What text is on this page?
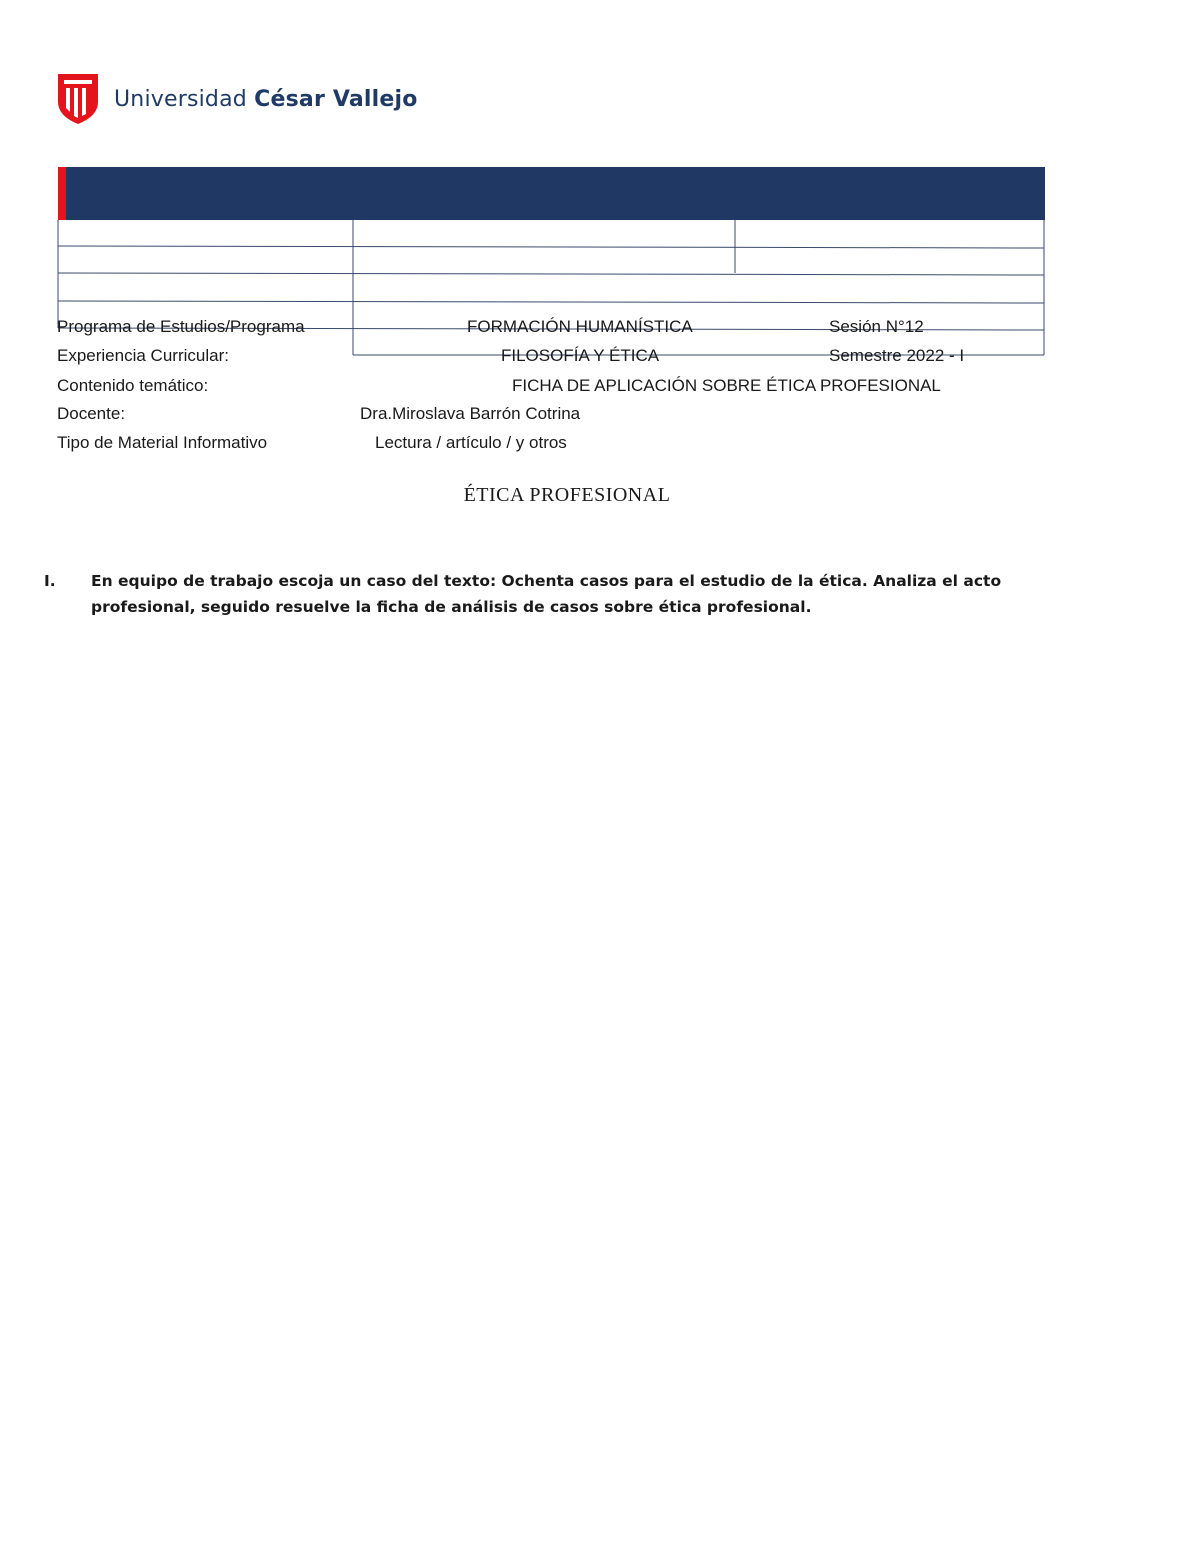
Universidad César Vallejo
Programa de Estudios/Programa	FORMACIÓN HUMANÍSTICA	Sesión N°12
Experiencia Curricular:	FILOSOFÍA Y ÉTICA	Semestre 2022 - I
Contenido temático:	FICHA DE APLICACIÓN SOBRE ÉTICA PROFESIONAL
Docente:	Dra.Miroslava Barrón Cotrina
Tipo de Material Informativo	Lectura / artículo / y otros
ÉTICA PROFESIONAL
I. En equipo de trabajo escoja un caso del texto: Ochenta casos para el estudio de la ética. Analiza el acto profesional, seguido resuelve la ficha de análisis de casos sobre ética profesional.
